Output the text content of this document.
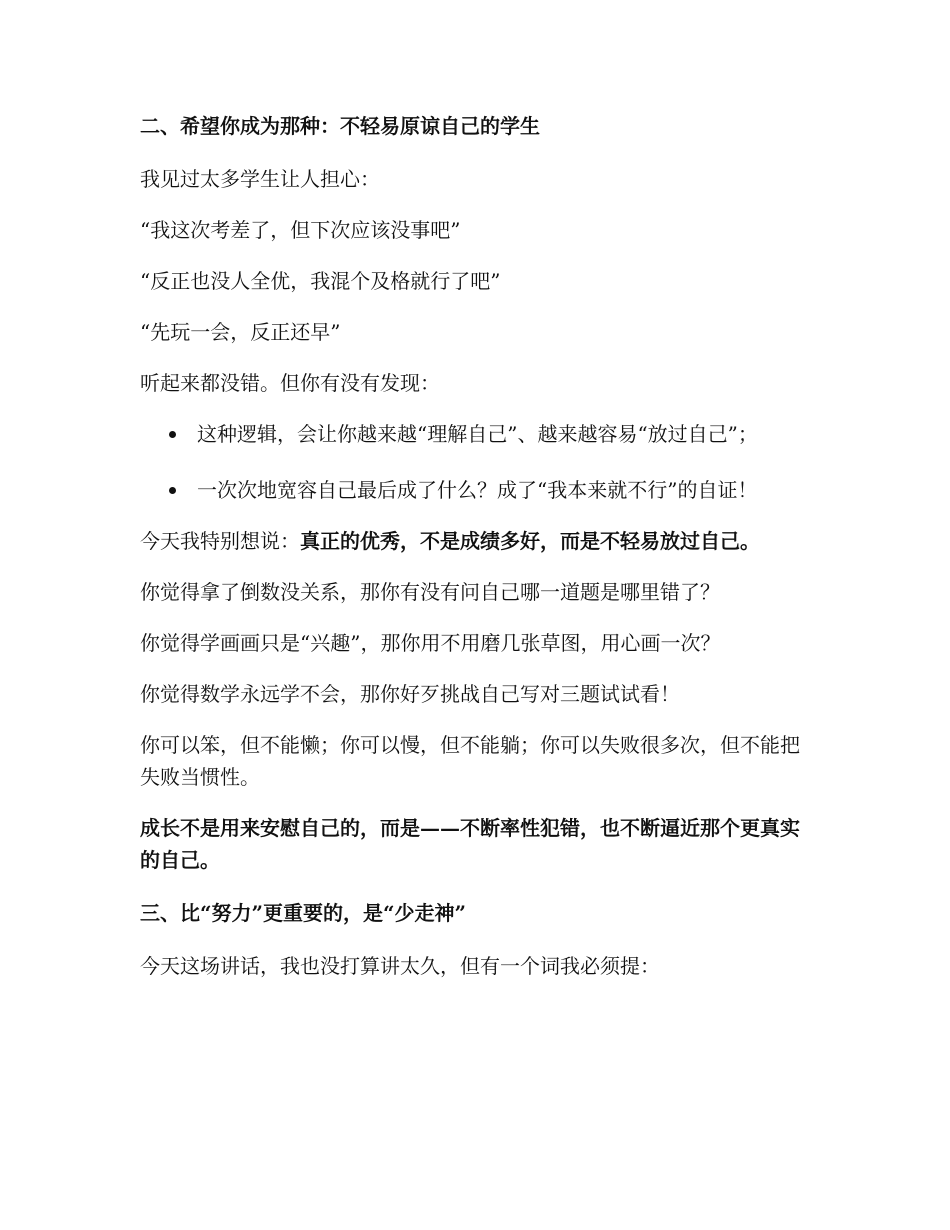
二、希望你成为那种：不轻易原谅自己的学生

我见过太多学生让人担心：

“我这次考差了，但下次应该没事吧”

“反正也没人全优，我混个及格就行了吧”

“先玩一会，反正还早”

听起来都没错。但你有没有发现：

这种逻辑，会让你越来越“理解自己”、越来越容易“放过自己”；
一次次地宽容自己最后成了什么？成了“我本来就不行”的自证！

今天我特别想说：真正的优秀，不是成绩多好，而是不轻易放过自己。

你觉得拿了倒数没关系，那你有没有问自己哪一道题是哪里错了？

你觉得学画画只是“兴趣”，那你用不用磨几张草图，用心画一次？

你觉得数学永远学不会，那你好歹挑战自己写对三题试试看！

你可以笨，但不能懒；你可以慢，但不能躺；你可以失败很多次，但不能把失败当惯性。

成长不是用来安慰自己的，而是——不断率性犯错，也不断逼近那个更真实的自己。

三、比“努力”更重要的，是“少走神”

今天这场讲话，我也没打算讲太久，但有一个词我必须提：
